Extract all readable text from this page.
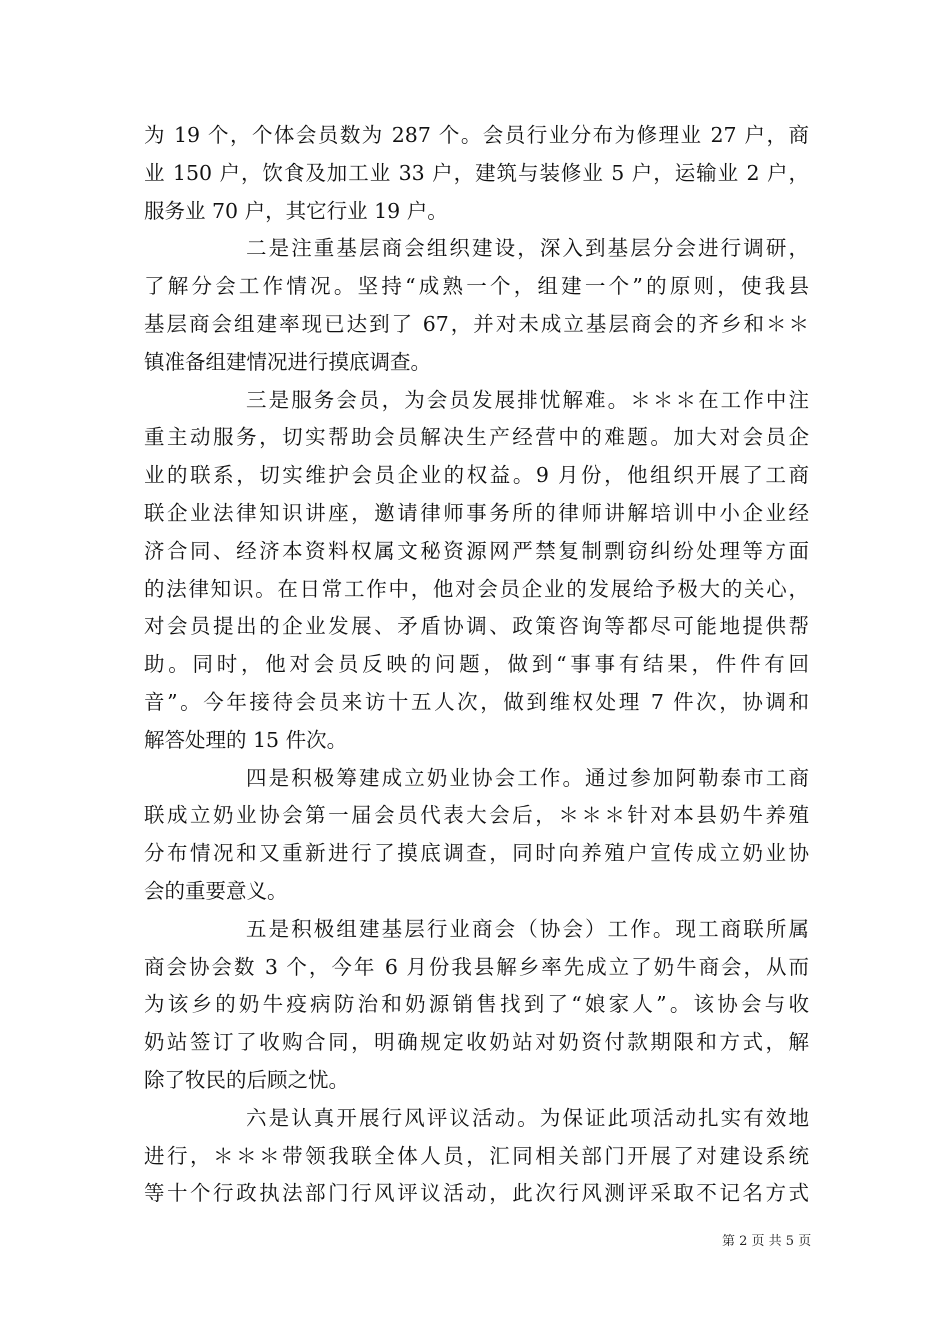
为 19 个，个体会员数为 287 个。会员行业分布为修理业 27 户，商
业 150 户，饮食及加工业 33 户，建筑与装修业 5 户，运输业 2 户，
服务业 70 户，其它行业 19 户。
二是注重基层商会组织建设，深入到基层分会进行调研，
了解分会工作情况。坚持“成熟一个，组建一个”的原则，使我县
基层商会组建率现已达到了 67，并对未成立基层商会的齐乡和＊＊
镇准备组建情况进行摸底调查。
三是服务会员，为会员发展排忧解难。＊＊＊在工作中注
重主动服务，切实帮助会员解决生产经营中的难题。加大对会员企
业的联系，切实维护会员企业的权益。9 月份，他组织开展了工商
联企业法律知识讲座，邀请律师事务所的律师讲解培训中小企业经
济合同、经济本资料权属文秘资源网严禁复制剽窃纠纷处理等方面
的法律知识。在日常工作中，他对会员企业的发展给予极大的关心，
对会员提出的企业发展、矛盾协调、政策咨询等都尽可能地提供帮
助。同时，他对会员反映的问题，做到“事事有结果，件件有回
音”。今年接待会员来访十五人次，做到维权处理 7 件次，协调和
解答处理的 15 件次。
四是积极筹建成立奶业协会工作。通过参加阿勒泰市工商
联成立奶业协会第一届会员代表大会后，＊＊＊针对本县奶牛养殖
分布情况和又重新进行了摸底调查，同时向养殖户宣传成立奶业协
会的重要意义。
五是积极组建基层行业商会（协会）工作。现工商联所属
商会协会数 3 个，今年 6 月份我县解乡率先成立了奶牛商会，从而
为该乡的奶牛疫病防治和奶源销售找到了“娘家人”。该协会与收
奶站签订了收购合同，明确规定收奶站对奶资付款期限和方式，解
除了牧民的后顾之忧。
六是认真开展行风评议活动。为保证此项活动扎实有效地
进行，＊＊＊带领我联全体人员，汇同相关部门开展了对建设系统
等十个行政执法部门行风评议活动，此次行风测评采取不记名方式
第 2 页 共 5 页
